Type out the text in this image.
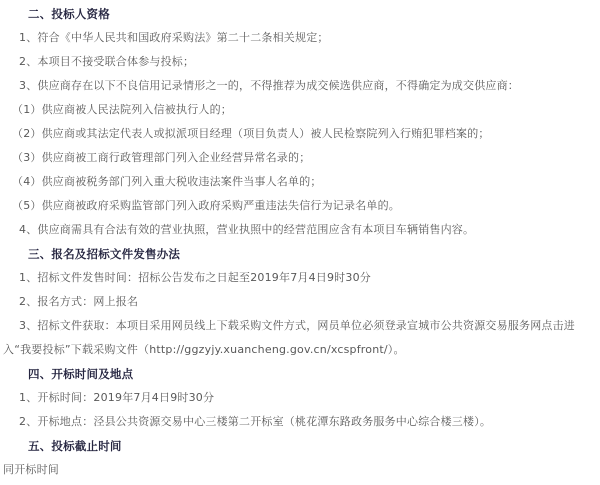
二、投标人资格

1、符合《中华人民共和国政府采购法》第二十二条相关规定；

2、本项目不接受联合体参与投标；

3、供应商存在以下不良信用记录情形之一的，不得推荐为成交候选供应商，不得确定为成交供应商：

（1）供应商被人民法院列入信被执行人的；

（2）供应商或其法定代表人或拟派项目经理（项目负责人）被人民检察院列入行贿犯罪档案的；

（3）供应商被工商行政管理部门列入企业经营异常名录的；

（4）供应商被税务部门列入重大税收违法案件当事人名单的；

（5）供应商被政府采购监管部门列入政府采购严重违法失信行为记录名单的。

4、供应商需具有合法有效的营业执照，营业执照中的经营范围应含有本项目车辆销售内容。

三、报名及招标文件发售办法

1、招标文件发售时间：招标公告发布之日起至2019年7月4日9时30分

2、报名方式：网上报名

3、招标文件获取：本项目采用网员线上下载采购文件方式，网员单位必须登录宣城市公共资源交易服务网点击进入“我要投标”下载采购文件（http://ggzyjy.xuancheng.gov.cn/xcspfront/）。

四、开标时间及地点

1、开标时间：2019年7月4日9时30分

2、开标地点：泾县公共资源交易中心三楼第二开标室（桃花潭东路政务服务中心综合楼三楼）。

五、投标截止时间

同开标时间
